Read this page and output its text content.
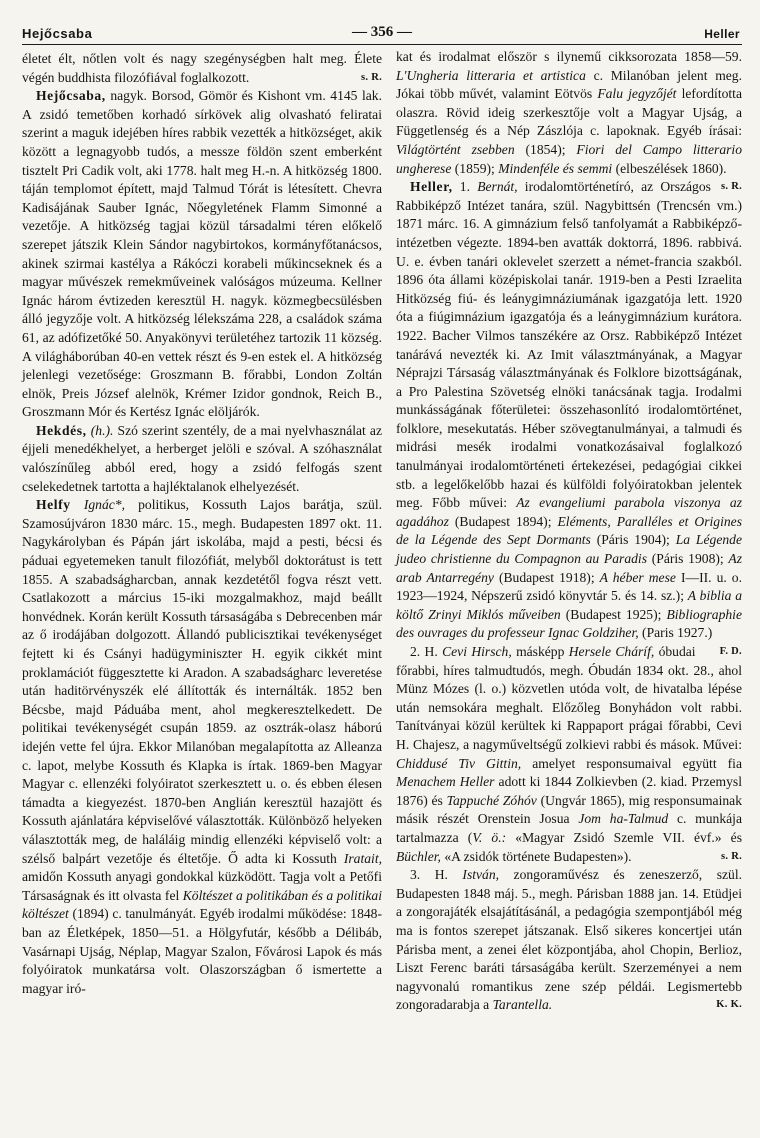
Hejőcsaba	— 356 —	Heller

életet élt, nőtlen volt és nagy szegénységben halt meg. Élete végén buddhista filozófiával foglalkozott.	s. R.

Hejőcsaba, nagyk. Borsod, Gömör és Kishont vm. 4145 lak. A zsidó temetőben korhadó sírkövek alig olvasható feliratai szerint a maguk idejében híres rabbik vezették a hitközséget, akik között a legnagyobb tudós, a messze földön szent emberként tisztelt Pri Cadik volt, aki 1778. halt meg H.-n. A hitközség 1800. táján templomot épített, majd Talmud Tórát is létesített. Chevra Kadisájának Sauber Ignác, Nőegyletének Flamm Simonné a vezetője. A hitközség tagjai közül társadalmi téren előkelő szerepet játszik Klein Sándor nagybirtokos, kormányfőtanácsos, akinek szirmai kastélya a Rákóczi korabeli műkincseknek és a magyar művészek remekműveinek valóságos múzeuma. Kellner Ignác három évtizeden keresztül H. nagyk. közmegbecsülésben álló jegyzője volt. A hitközség lélekszáma 228, a családok száma 61, az adófizetőké 50. Anyakönyvi területéhez tartozik 11 község. A világháborúban 40-en vettek részt és 9-en estek el. A hitközség jelenlegi vezetősége: Groszmann B. főrabbi, London Zoltán elnök, Preis József alelnök, Krémer Izidor gondnok, Reich B., Groszmann Mór és Kertész Ignác elöljárók.

Hekdés, (h.). Szó szerint szentély, de a mai nyelvhasználat az éjjeli menedékhelyet, a herberget jelöli e szóval. A szóhasználat valószínűleg abból ered, hogy a zsidó felfogás szent cselekedetnek tartotta a hajléktalanok elhelyezését.

Helfy Ignác*, politikus, Kossuth Lajos barátja, szül. Szamosújváron 1830 márc. 15., megh. Budapesten 1897 okt. 11. Nagykárolyban és Pápán járt iskolába, majd a pesti, bécsi és páduai egyetemeken tanult filozófiát, melyből doktorátust is tett 1855. A szabadságharcban, annak kezdetétől fogva részt vett. Csatlakozott a március 15-iki mozgalmakhoz, majd beállt honvédnek. Korán került Kossuth társaságába s Debrecenben már az ő irodájában dolgozott. Állandó publicisztikai tevékenységet fejtett ki és Csányi hadügyminiszter H. egyik cikkét mint proklamációt függesztette ki Aradon. A szabadságharc leveretése után haditörvényszék elé állították és internálták. 1852 ben Bécsbe, majd Páduába ment, ahol megkeresztelkedett. De politikai tevékenységét csupán 1859. az osztrák-olasz háború idején vette fel újra. Ekkor Milanóban megalapította az Alleanza c. lapot, melybe Kossuth és Klapka is írtak. 1869-ben Magyar Magyar c. ellenzéki folyóiratot szerkesztett u. o. és ebben élesen támadta a kiegyezést. 1870-ben Anglián keresztül hazajött és Kossuth ajánlatára képviselővé választották. Különböző helyeken választották meg, de haláláig mindig ellenzéki képviselő volt: a szélső balpárt vezetője és éltetője. Ő adta ki Kossuth Iratait, amidőn Kossuth anyagi gondokkal küzködött. Tagja volt a Petőfi Társaságnak és itt olvasta fel Költészet a politikában és a politikai költészet (1894) c. tanulmányát. Egyéb irodalmi működése: 1848-ban az Életképek, 1850—51. a Hölgyfutár, később a Délibáb, Vasárnapi Ujság, Néplap, Magyar Szalon, Fővárosi Lapok és más folyóiratok munkatársa volt. Olaszországban ő ismertette a magyar iró-

kat és irodalmat először s ilynemű cikksorozata 1858—59. L'Ungheria litteraria et artistica c. Milanóban jelent meg. Jókai több művét, valamint Eötvös Falu jegyzőjét lefordította olaszra. Rövid ideig szerkesztője volt a Magyar Ujság, a Függetlenség és a Nép Zászlója c. lapoknak. Egyéb írásai: Világtörtént zsebben (1854); Fiori del Campo litterario ungherese (1859); Mindenféle és semmi (elbeszélések 1860).
s. R.

Heller, 1. Bernát, irodalomtörténetíró, az Országos Rabbiképző Intézet tanára, szül. Nagybittsén (Trencsén vm.) 1871 márc. 16. A gimnázium felső tanfolyamát a Rabbiképző-intézetben végezte. 1894-ben avatták doktorrá, 1896. rabbivá. U. e. évben tanári oklevelet szerzett a német-francia szakból. 1896 óta állami középiskolai tanár. 1919-ben a Pesti Izraelita Hitközség fiú- és leánygimnáziumának igazgatója lett. 1920 óta a fiúgimnázium igazgatója és a leánygimnázium kurátora. 1922. Bacher Vilmos tanszékére az Orsz. Rabbiképző Intézet tanárává nevezték ki. Az Imit választmányának, a Magyar Néprajzi Társaság választmányának és Folklore bizottságának, a Pro Palestina Szövetség elnöki tanácsának tagja. Irodalmi munkásságának főterületei: összehasonlító irodalomtörténet, folklore, mesekutatás. Héber szövegtanulmányai, a talmudi és midrási mesék irodalmi vonatkozásaival foglalkozó tanulmányai irodalomtörténeti értekezései, pedagógiai cikkei stb. a legelőkelőbb hazai és külföldi folyóiratokban jelentek meg. Főbb művei: Az evangeliumi parabola viszonya az agadához (Budapest 1894); Eléments, Paralléles et Origines de la Légende des Sept Dormants (Páris 1904); La Légende judeo christienne du Compagnon au Paradis (Páris 1908); Az arab Antarregény (Budapest 1918); A héber mese I—II. u. o. 1923—1924, Népszerű zsidó könyvtár 5. és 14. sz.); A biblia a költő Zrinyi Miklós műveiben (Budapest 1925); Bibliographie des ouvrages du professeur Ignac Goldziher, (Paris 1927.)
F. D.

2. H. Cevi Hirsch, másképp Hersele Cháríf, óbudai főrabbi, híres talmudtudós, megh. Óbudán 1834 okt. 28., ahol Münz Mózes (l. o.) közvetlen utóda volt, de hivatalba lépése után nemsokára meghalt. Előzőleg Bonyhádon volt rabbi. Tanítványai közül kerültek ki Rappaport prágai főrabbi, Cevi H. Chajesz, a nagyműveltségű zolkievi rabbi és mások. Művei: Chiddusé Tiv Gittin, amelyet responsumaival együtt fia Menachem Heller adott ki 1844 Zolkievben (2. kiad. Przemysl 1876) és Tappuché Zóhóv (Ungvár 1865), mig responsumainak másik részét Orenstein Josua Jom ha-Talmud c. munkája tartalmazza (V. ö.: «Magyar Zsidó Szemle VII. évf.» és Büchler, «A zsidók története Budapesten»).	s. R.

3. H. István, zongoraművész és zeneszerző, szül. Budapesten 1848 máj. 5., megh. Párisban 1888 jan. 14. Etüdjei a zongorajáték elsajátításánál, a pedagógia szempontjából még ma is fontos szerepet játszanak. Első sikeres koncertjei után Párisba ment, a zenei élet központjába, ahol Chopin, Berlioz, Liszt Ferenc baráti társaságába került. Szerzeményei a nem nagyvonalú romantikus zene szép példái. Legismertebb zongoradarabja a Tarantella.	K. K.
